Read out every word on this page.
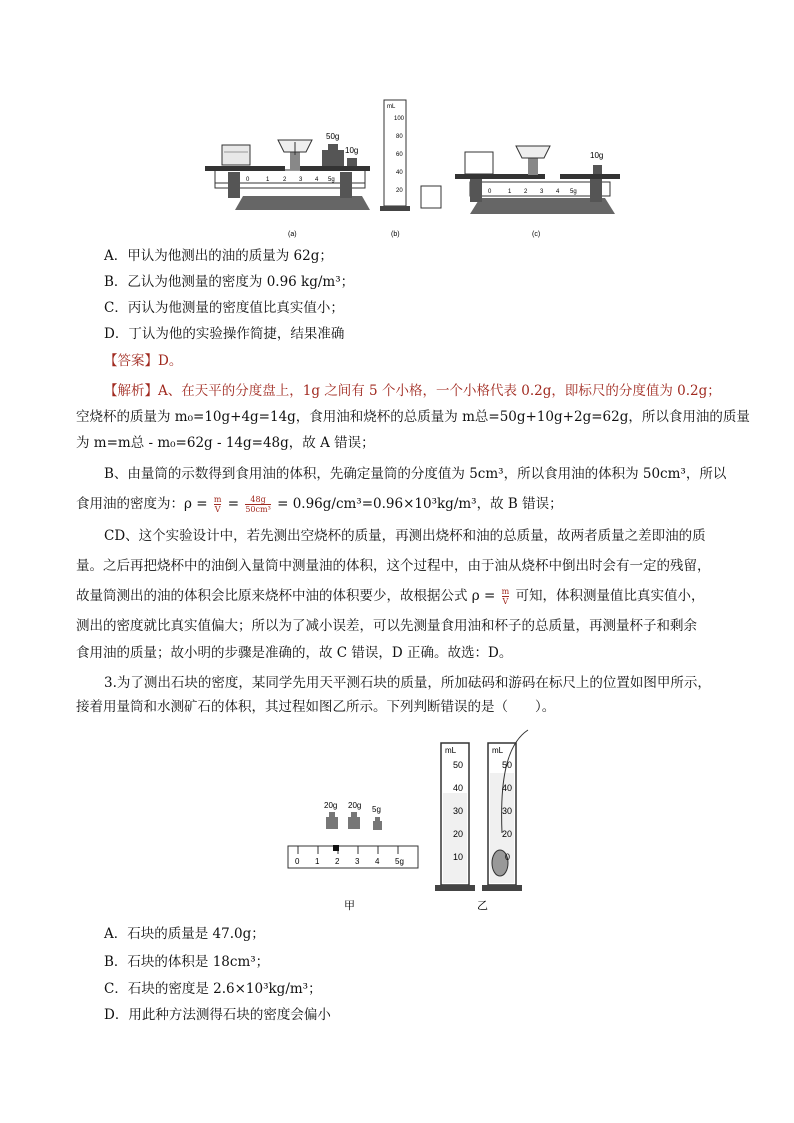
50g
10g
0	1 2 3 4 5g
(a)
mL
100
80
60
40
20
(b)
10g
0	1 2 3 4 5g
(c)
A．甲认为他测出的油的质量为 62g；
B．乙认为他测量的密度为 0.96 kg/m³；
C．丙认为他测量的密度值比真实值小；
D．丁认为他的实验操作简捷，结果准确
【答案】D。
【解析】A、在天平的分度盘上，1g 之间有 5 个小格，一个小格代表 0.2g，即标尺的分度值为 0.2g；
空烧杯的质量为 m₀=10g+4g=14g，食用油和烧杯的总质量为 m总=50g+10g+2g=62g，所以食用油的质量
为 m=m总 - m₀=62g - 14g=48g，故 A 错误；
B、由量筒的示数得到食用油的体积，先确定量筒的分度值为 5cm³，所以食用油的体积为 50cm³，所以
食用油的密度为：$\rho = \frac{m}{V} = \frac{48g}{\text{50cm³}} = 0.96g/cm^3=0.96\times 10^3kg/m^3$，故 B 错误；
CD、这个实验设计中，若先测出空烧杯的质量，再测出烧杯和油的总质量，故两者质量之差即油的质
量。之后再把烧杯中的油倒入量筒中测量油的体积，这个过程中，由于油从烧杯中倒出时会有一定的残留，
故量筒测出的油的体积会比原来烧杯中油的体积要少，故根据公式 $\rho = \frac{m}{V}$ 可知，体积测量值比真实值小，
测出的密度就比真实值偏大；所以为了减小误差，可以先测量食用油和杯子的总质量，再测量杯子和剩余
食用油的质量；故小明的步骤是准确的，故 C 错误，D 正确。故选：D。
3.为了测出石块的密度，某同学先用天平测石块的质量，所加砝码和游码在标尺上的位置如图甲所示，
接着用量筒和水测矿石的体积，其过程如图乙所示。下列判断错误的是（　　）。
20g 20g 5g
0 1 2 3 4 5g
甲
mL
50
40
30
20
10
mL
50
40
30
20
0
乙
A．石块的质量是 47.0g；
B．石块的体积是 18cm³；
C．石块的密度是 2.6×10³kg/m³；
D．用此种方法测得石块的密度会偏小
